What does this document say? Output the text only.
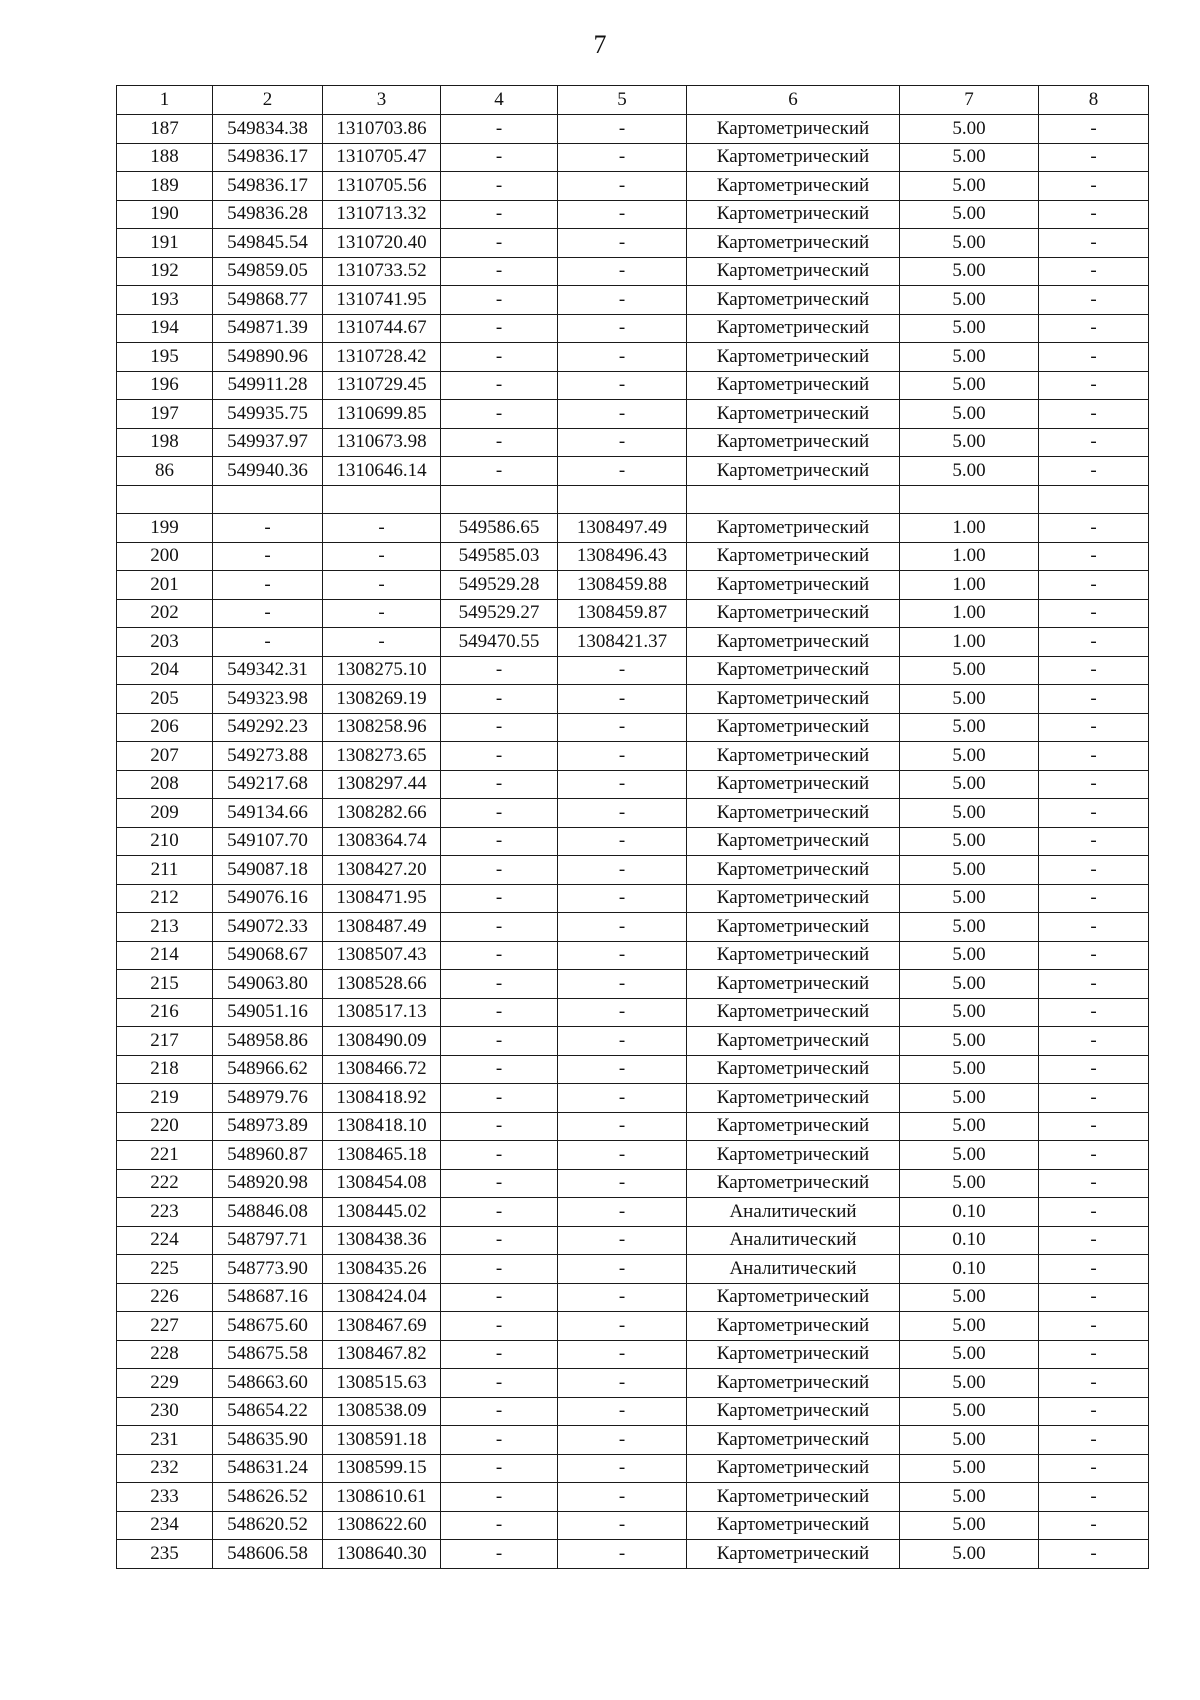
7
1	2	3	4	5	6	7	8
187	549834.38	1310703.86	-	-	Картометрический	5.00	-
188	549836.17	1310705.47	-	-	Картометрический	5.00	-
189	549836.17	1310705.56	-	-	Картометрический	5.00	-
190	549836.28	1310713.32	-	-	Картометрический	5.00	-
191	549845.54	1310720.40	-	-	Картометрический	5.00	-
192	549859.05	1310733.52	-	-	Картометрический	5.00	-
193	549868.77	1310741.95	-	-	Картометрический	5.00	-
194	549871.39	1310744.67	-	-	Картометрический	5.00	-
195	549890.96	1310728.42	-	-	Картометрический	5.00	-
196	549911.28	1310729.45	-	-	Картометрический	5.00	-
197	549935.75	1310699.85	-	-	Картометрический	5.00	-
198	549937.97	1310673.98	-	-	Картометрический	5.00	-
86	549940.36	1310646.14	-	-	Картометрический	5.00	-

199	-	-	549586.65	1308497.49	Картометрический	1.00	-
200	-	-	549585.03	1308496.43	Картометрический	1.00	-
201	-	-	549529.28	1308459.88	Картометрический	1.00	-
202	-	-	549529.27	1308459.87	Картометрический	1.00	-
203	-	-	549470.55	1308421.37	Картометрический	1.00	-
204	549342.31	1308275.10	-	-	Картометрический	5.00	-
205	549323.98	1308269.19	-	-	Картометрический	5.00	-
206	549292.23	1308258.96	-	-	Картометрический	5.00	-
207	549273.88	1308273.65	-	-	Картометрический	5.00	-
208	549217.68	1308297.44	-	-	Картометрический	5.00	-
209	549134.66	1308282.66	-	-	Картометрический	5.00	-
210	549107.70	1308364.74	-	-	Картометрический	5.00	-
211	549087.18	1308427.20	-	-	Картометрический	5.00	-
212	549076.16	1308471.95	-	-	Картометрический	5.00	-
213	549072.33	1308487.49	-	-	Картометрический	5.00	-
214	549068.67	1308507.43	-	-	Картометрический	5.00	-
215	549063.80	1308528.66	-	-	Картометрический	5.00	-
216	549051.16	1308517.13	-	-	Картометрический	5.00	-
217	548958.86	1308490.09	-	-	Картометрический	5.00	-
218	548966.62	1308466.72	-	-	Картометрический	5.00	-
219	548979.76	1308418.92	-	-	Картометрический	5.00	-
220	548973.89	1308418.10	-	-	Картометрический	5.00	-
221	548960.87	1308465.18	-	-	Картометрический	5.00	-
222	548920.98	1308454.08	-	-	Картометрический	5.00	-
223	548846.08	1308445.02	-	-	Аналитический	0.10	-
224	548797.71	1308438.36	-	-	Аналитический	0.10	-
225	548773.90	1308435.26	-	-	Аналитический	0.10	-
226	548687.16	1308424.04	-	-	Картометрический	5.00	-
227	548675.60	1308467.69	-	-	Картометрический	5.00	-
228	548675.58	1308467.82	-	-	Картометрический	5.00	-
229	548663.60	1308515.63	-	-	Картометрический	5.00	-
230	548654.22	1308538.09	-	-	Картометрический	5.00	-
231	548635.90	1308591.18	-	-	Картометрический	5.00	-
232	548631.24	1308599.15	-	-	Картометрический	5.00	-
233	548626.52	1308610.61	-	-	Картометрический	5.00	-
234	548620.52	1308622.60	-	-	Картометрический	5.00	-
235	548606.58	1308640.30	-	-	Картометрический	5.00	-
